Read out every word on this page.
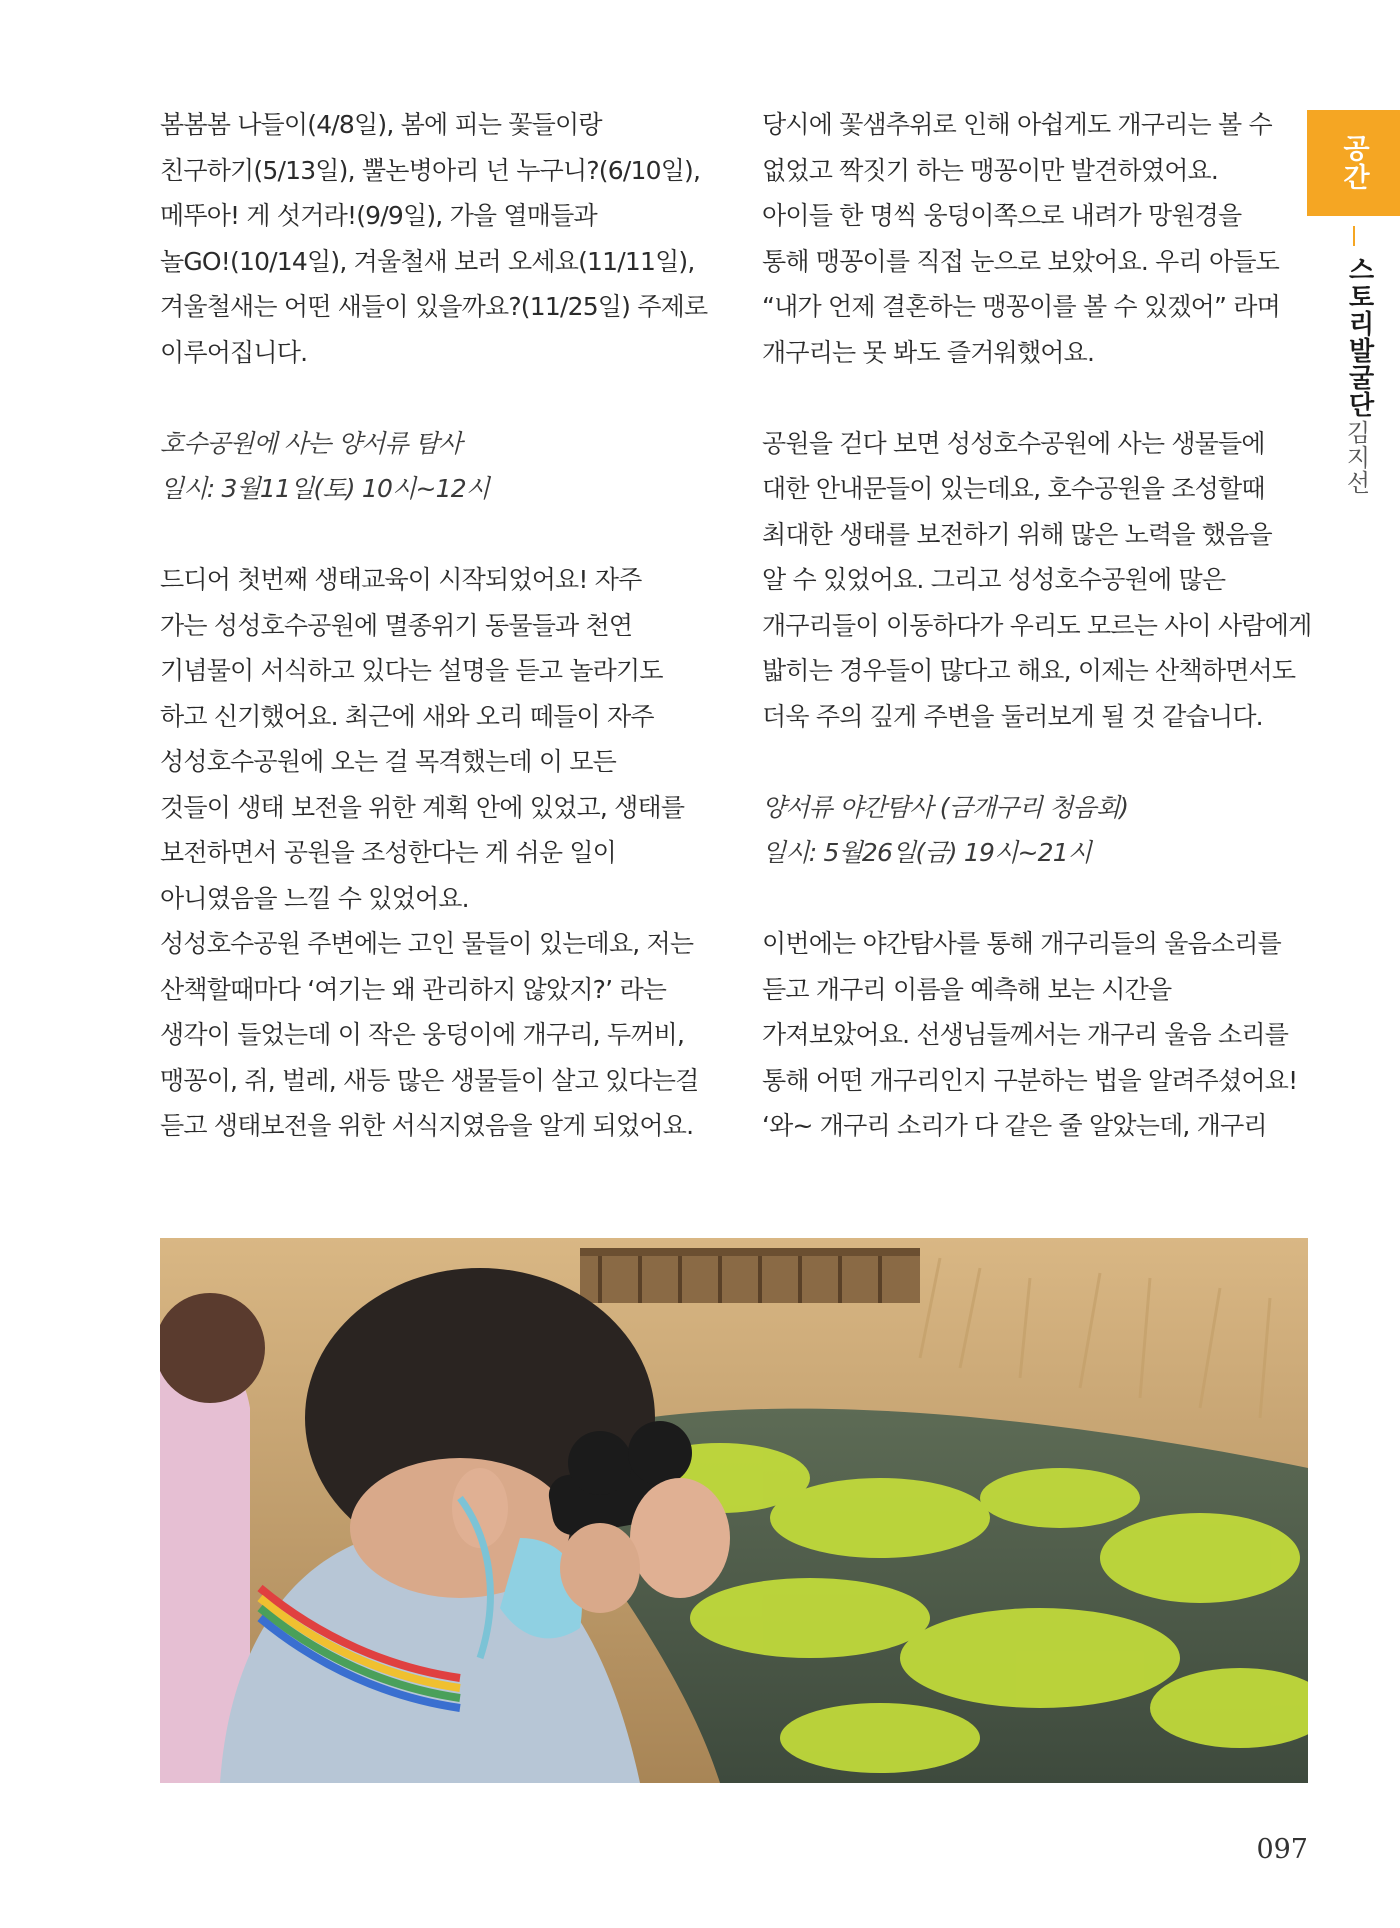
봄봄봄 나들이(4/8일), 봄에 피는 꽃들이랑
친구하기(5/13일), 뿔논병아리 넌 누구니?(6/10일),
메뚜아! 게 섯거라!(9/9일), 가을 열매들과
놀GO!(10/14일), 겨울철새 보러 오세요(11/11일),
겨울철새는 어떤 새들이 있을까요?(11/25일) 주제로
이루어집니다.

호수공원에 사는 양서류 탐사

일시: 3월11일(토) 10시~12시

드디어 첫번째 생태교육이 시작되었어요! 자주
가는 성성호수공원에 멸종위기 동물들과 천연
기념물이 서식하고 있다는 설명을 듣고 놀라기도
하고 신기했어요. 최근에 새와 오리 떼들이 자주
성성호수공원에 오는 걸 목격했는데 이 모든
것들이 생태 보전을 위한 계획 안에 있었고, 생태를
보전하면서 공원을 조성한다는 게 쉬운 일이
아니였음을 느낄 수 있었어요.
성성호수공원 주변에는 고인 물들이 있는데요, 저는
산책할때마다 ‘여기는 왜 관리하지 않았지?’ 라는
생각이 들었는데 이 작은 웅덩이에 개구리, 두꺼비,
맹꽁이, 쥐, 벌레, 새등 많은 생물들이 살고 있다는걸
듣고 생태보전을 위한 서식지였음을 알게 되었어요.

당시에 꽃샘추위로 인해 아쉽게도 개구리는 볼 수
없었고 짝짓기 하는 맹꽁이만 발견하였어요.
아이들 한 명씩 웅덩이쪽으로 내려가 망원경을
통해 맹꽁이를 직접 눈으로 보았어요. 우리 아들도
“내가 언제 결혼하는 맹꽁이를 볼 수 있겠어” 라며
개구리는 못 봐도 즐거워했어요.

공원을 걷다 보면 성성호수공원에 사는 생물들에
대한 안내문들이 있는데요, 호수공원을 조성할때
최대한 생태를 보전하기 위해 많은 노력을 했음을
알 수 있었어요. 그리고 성성호수공원에 많은
개구리들이 이동하다가 우리도 모르는 사이 사람에게
밟히는 경우들이 많다고 해요, 이제는 산책하면서도
더욱 주의 깊게 주변을 둘러보게 될 것 같습니다.

양서류 야간탐사 (금개구리 청음회)

일시: 5월26일(금) 19시~21시

이번에는 야간탐사를 통해 개구리들의 울음소리를
듣고 개구리 이름을 예측해 보는 시간을
가져보았어요. 선생님들께서는 개구리 울음 소리를
통해 어떤 개구리인지 구분하는 법을 알려주셨어요!
‘와~ 개구리 소리가 다 같은 줄 알았는데, 개구리

공간
스토리발굴단
김지선
097
